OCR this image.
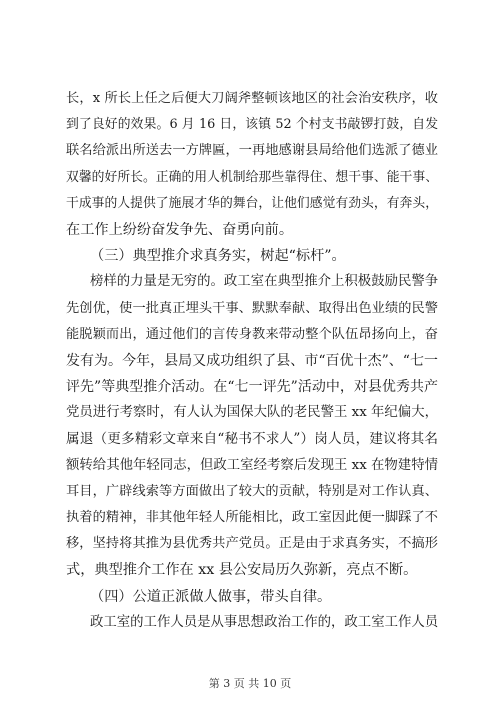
长，x 所长上任之后便大刀阔斧整顿该地区的社会治安秩序，收
到了良好的效果。6 月 16 日，该镇 52 个村支书敲锣打鼓，自发
联名给派出所送去一方牌匾，一再地感谢县局给他们选派了德业
双馨的好所长。正确的用人机制给那些靠得住、想干事、能干事、
干成事的人提供了施展才华的舞台，让他们感觉有劲头，有奔头，
在工作上纷纷奋发争先、奋勇向前。
（三）典型推介求真务实，树起“标杆”。
榜样的力量是无穷的。政工室在典型推介上积极鼓励民警争
先创优，使一批真正埋头干事、默默奉献、取得出色业绩的民警
能脱颖而出，通过他们的言传身教来带动整个队伍昂扬向上，奋
发有为。今年，县局又成功组织了县、市“百优十杰”、“七一
评先”等典型推介活动。在“七一评先”活动中，对县优秀共产
党员进行考察时，有人认为国保大队的老民警王 xx 年纪偏大，
属退（更多精彩文章来自“秘书不求人”）岗人员，建议将其名
额转给其他年轻同志，但政工室经考察后发现王 xx 在物建特情
耳目，广辟线索等方面做出了较大的贡献，特别是对工作认真、
执着的精神，非其他年轻人所能相比，政工室因此便一脚踩了不
移，坚持将其推为县优秀共产党员。正是由于求真务实，不搞形
式，典型推介工作在 xx 县公安局历久弥新，亮点不断。
（四）公道正派做人做事，带头自律。
政工室的工作人员是从事思想政治工作的，政工室工作人员
第 3 页 共 10 页
